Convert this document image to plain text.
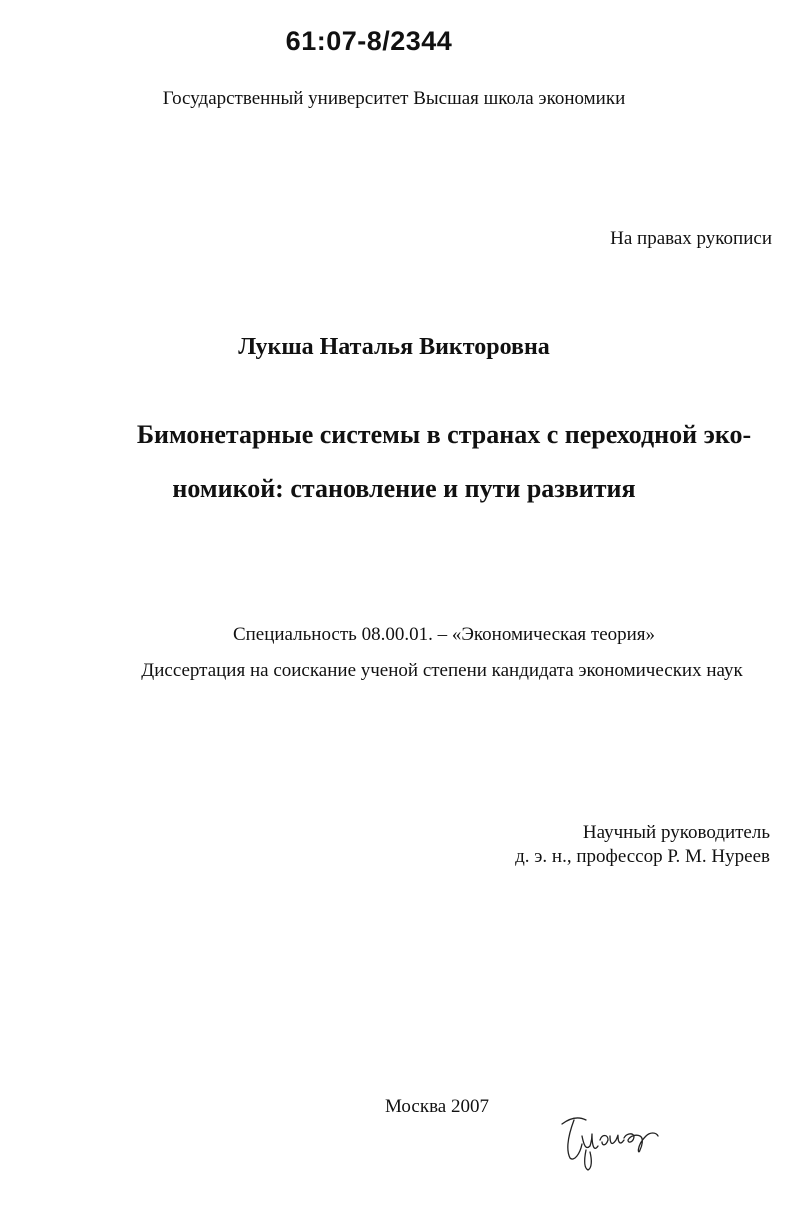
61:07-8/2344
Государственный университет Высшая школа экономики
На правах рукописи
Лукша Наталья Викторовна
Бимонетарные системы в странах с переходной эко-
номикой: становление и пути развития
Специальность 08.00.01. – «Экономическая теория»
Диссертация на соискание ученой степени кандидата экономических наук
Научный руководитель
д. э. н., профессор Р. М. Нуреев
Москва 2007
